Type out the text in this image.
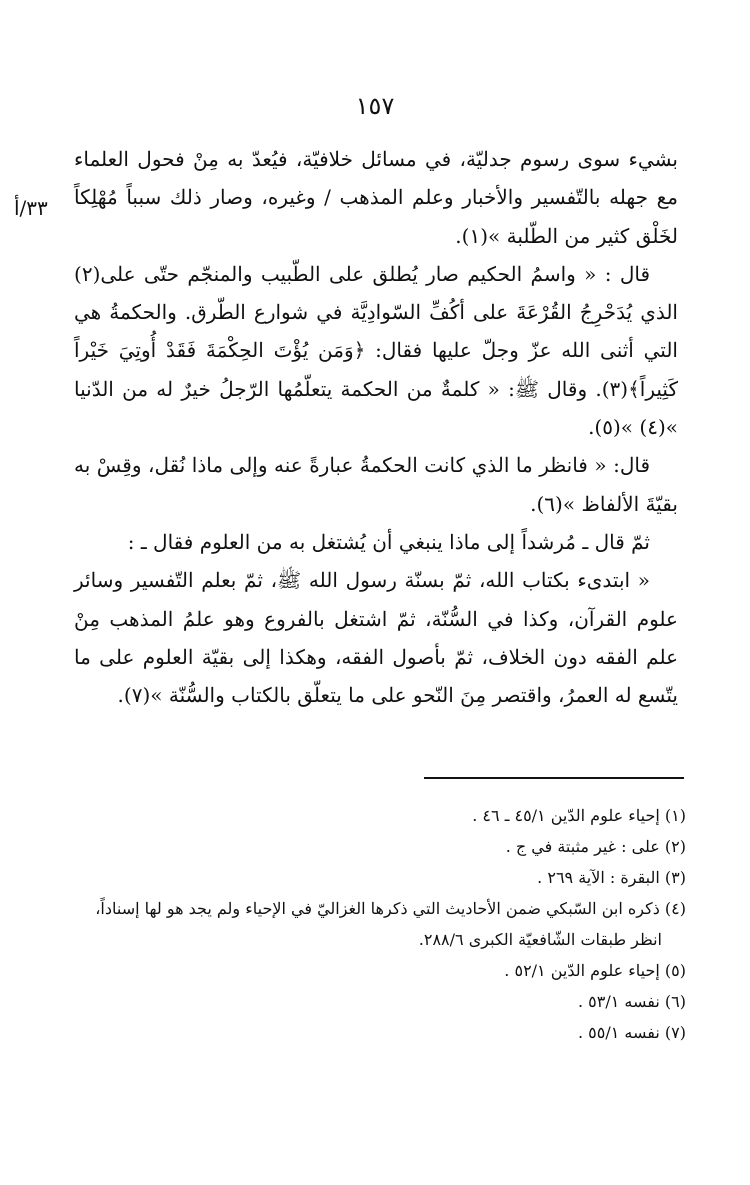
١٥٧
٣٣/أ

بشيء سوى رسوم جدليّة، في مسائل خلافيّة، فيُعدّ به مِنْ فحول العلماء مع جهله بالتّفسير والأخبار وعلم المذهب / وغيره، وصار ذلك سبباً مُهْلِكاً لخَلْق كثير من الطّلبة »(١).

قال : « واسمُ الحكيم صار يُطلق على الطّبيب والمنجّم حتّى على(٢) الذي يُدَحْرِجُ القُرْعَةَ على أكُفِّ السّوادِيَّة في شوارع الطّرق. والحكمةُ هي التي أثنى الله عزّ وجلّ عليها فقال: ﴿وَمَن يُؤْتَ الحِكْمَةَ فَقَدْ أُوتِيَ خَيْراً كَثِيراً﴾(٣). وقال ﷺ: « كلمةٌ من الحكمة يتعلّمُها الرّجلُ خيرٌ له من الدّنيا »(٤) »(٥).

قال: « فانظر ما الذي كانت الحكمةُ عبارةً عنه وإلى ماذا نُقل، وقِسْ به بقيّةَ الألفاظ »(٦).

ثمّ قال ـ مُرشداً إلى ماذا ينبغي أن يُشتغل به من العلوم فقال ـ :

« ابتدىء بكتاب الله، ثمّ بسنّة رسول الله ﷺ، ثمّ بعلم التّفسير وسائر علوم القرآن، وكذا في السُّنّة، ثمّ اشتغل بالفروع وهو علمُ المذهب مِنْ علم الفقه دون الخلاف، ثمّ بأصول الفقه، وهكذا إلى بقيّة العلوم على ما يتّسع له العمرُ، واقتصر مِنَ النّحو على ما يتعلّق بالكتاب والسُّنّة »(٧).

(١) إحياء علوم الدّين ٤٥/١ ـ ٤٦ .

(٢) على : غير مثبتة في ج .

(٣) البقرة : الآية ٢٦٩ .

(٤) ذكره ابن السّبكي ضمن الأحاديث التي ذكرها الغزاليّ في الإحياء ولم يجد هو لها إسناداً،

انظر طبقات الشّافعيّة الكبرى ٢٨٨/٦.

(٥) إحياء علوم الدّين ٥٢/١ .

(٦) نفسه ٥٣/١ .

(٧) نفسه ٥٥/١ .
